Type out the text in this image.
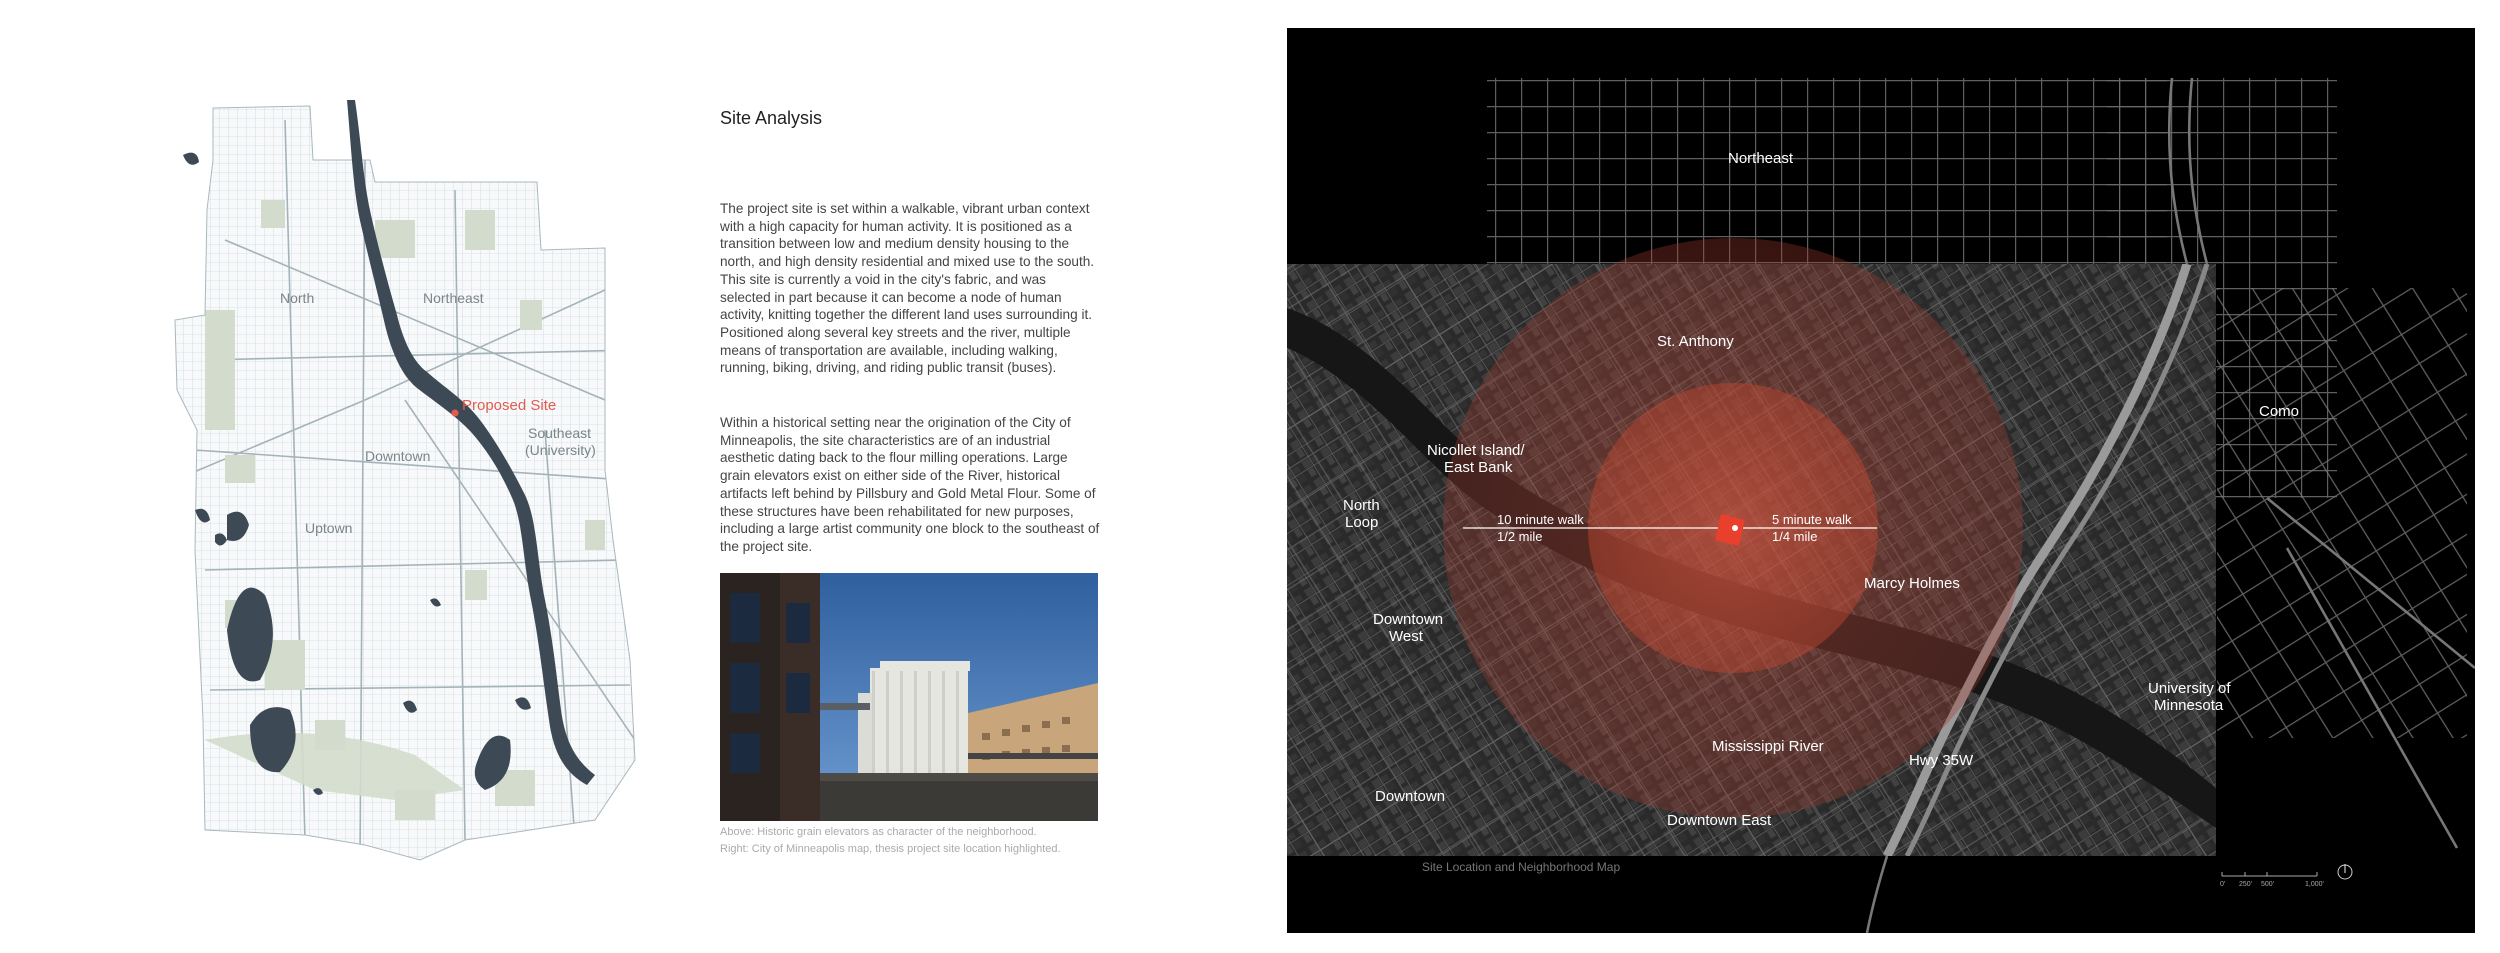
North	Northeast
Proposed Site
Southeast
(University)
Downtown
Uptown
Site Analysis

The project site is set within a walkable, vibrant urban context with a high capacity for human activity. It is positioned as a transition between low and medium density housing to the north, and high density residential and mixed use to the south. This site is currently a void in the city's fabric, and was selected in part because it can become a node of human activity, knitting together the different land uses surrounding it. Positioned along several key streets and the river, multiple means of transportation are available, including walking, running, biking, driving, and riding public transit (buses).

Within a historical setting near the origination of the City of Minneapolis, the site characteristics are of an industrial aesthetic dating back to the flour milling operations. Large grain elevators exist on either side of the River, historical artifacts left behind by Pillsbury and Gold Metal Flour. Some of these structures have been rehabilitated for new purposes, including a large artist community one block to the southeast of the project site.

Above: Historic grain elevators as character of the neighborhood.

Right: City of Minneapolis map, thesis project site location highlighted.

Northeast
St. Anthony
Como
Nicollet Island/
East Bank
North
Loop	10 minute walk
1/2 mile
5 minute walk
1/4 mile
Marcy Holmes
Downtown
West
University of
Minnesota
Mississippi River
Hwy 35W
Downtown
Downtown East
Site Location and Neighborhood Map
0' 250' 500'	1,000'
